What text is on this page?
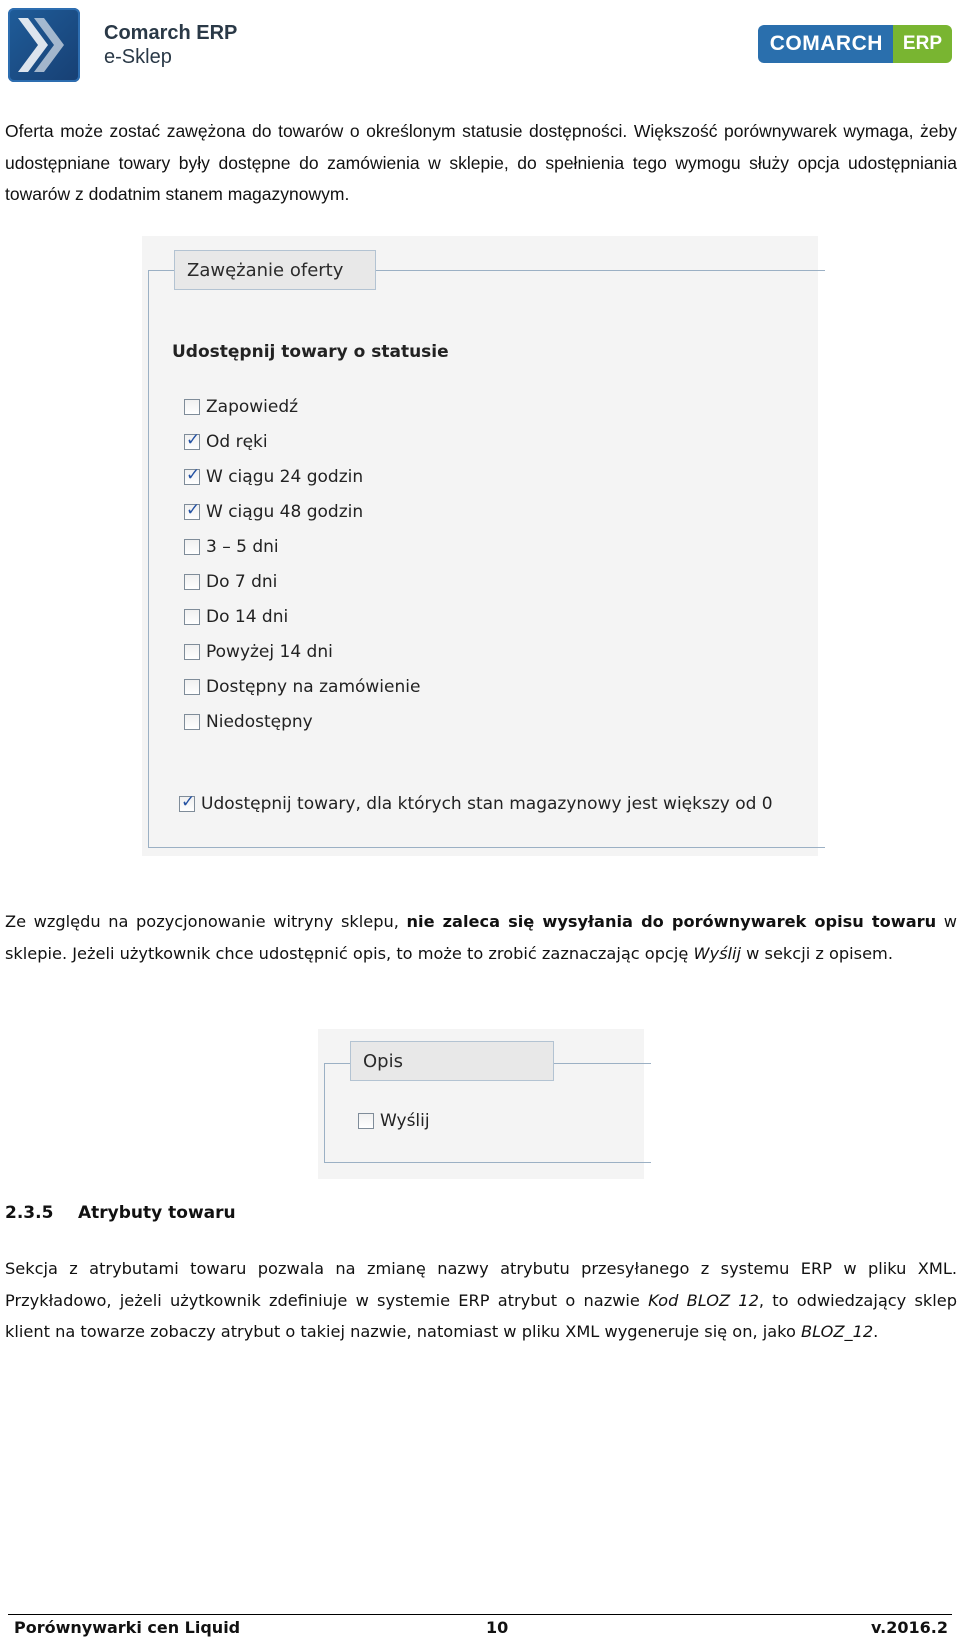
Comarch ERP
e-Sklep
COMARCH	ERP

Oferta może zostać zawężona do towarów o określonym statusie dostępności. Większość porównywarek wymaga, żeby udostępniane towary były dostępne do zamówienia w sklepie, do spełnienia tego wymogu służy opcja udostępniania towarów z dodatnim stanem magazynowym.

Zawężanie oferty
Udostępnij towary o statusie
Zapowiedź
✓
Od ręki
✓
W ciągu 24 godzin
✓
W ciągu 48 godzin
3 – 5 dni
Do 7 dni
Do 14 dni
Powyżej 14 dni
Dostępny na zamówienie
Niedostępny
✓
Udostępnij towary, dla których stan magazynowy jest większy od 0

Ze względu na pozycjonowanie witryny sklepu, nie zaleca się wysyłania do porównywarek opisu towaru w sklepie. Jeżeli użytkownik chce udostępnić opis, to może to zrobić zaznaczając opcję Wyślij w sekcji z opisem.

Opis
Wyślij
2.3.5 Atrybuty towaru

Sekcja z atrybutami towaru pozwala na zmianę nazwy atrybutu przesyłanego z systemu ERP w pliku XML. Przykładowo, jeżeli użytkownik zdefiniuje w systemie ERP atrybut o nazwie Kod BLOZ 12, to odwiedzający sklep klient na towarze zobaczy atrybut o takiej nazwie, natomiast w pliku XML wygeneruje się on, jako BLOZ_12.

Porównywarki cen Liquid	10	v.2016.2
